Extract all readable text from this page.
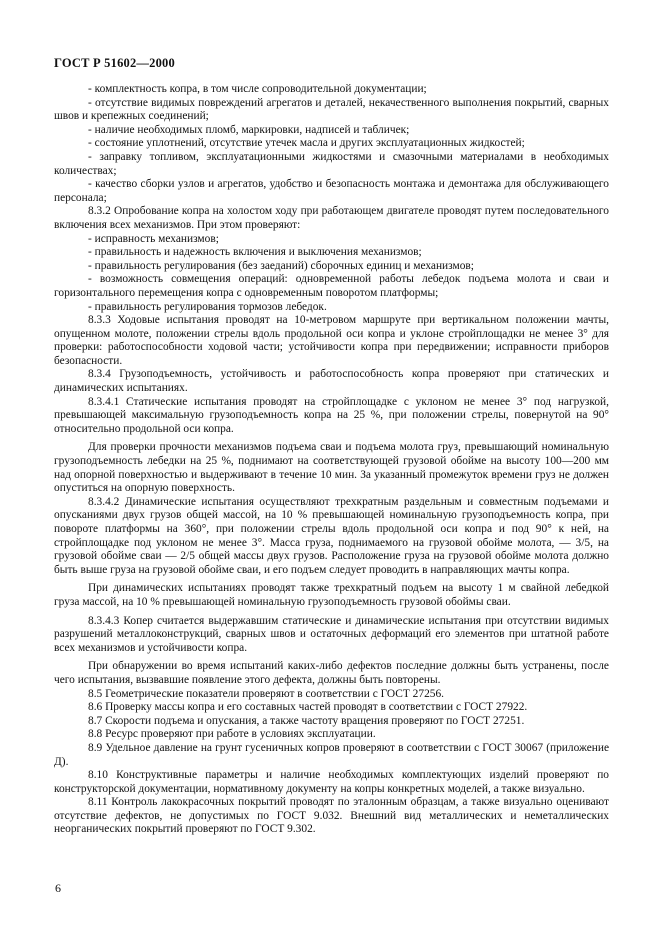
ГОСТ Р 51602—2000

- комплектность копра, в том числе сопроводительной документации;

- отсутствие видимых повреждений агрегатов и деталей, некачественного выполнения покрытий, сварных швов и крепежных соединений;

- наличие необходимых пломб, маркировки, надписей и табличек;

- состояние уплотнений, отсутствие утечек масла и других эксплуатационных жидкостей;

- заправку топливом, эксплуатационными жидкостями и смазочными материалами в необходимых количествах;

- качество сборки узлов и агрегатов, удобство и безопасность монтажа и демонтажа для обслуживающего персонала;

8.3.2 Опробование копра на холостом ходу при работающем двигателе проводят путем последовательного включения всех механизмов. При этом проверяют:

- исправность механизмов;

- правильность и надежность включения и выключения механизмов;

- правильность регулирования (без заеданий) сборочных единиц и механизмов;

- возможность совмещения операций: одновременной работы лебедок подъема молота и сваи и горизонтального перемещения копра с одновременным поворотом платформы;

- правильность регулирования тормозов лебедок.

8.3.3 Ходовые испытания проводят на 10-метровом маршруте при вертикальном положении мачты, опущенном молоте, положении стрелы вдоль продольной оси копра и уклоне стройплощадки не менее 3° для проверки: работоспособности ходовой части; устойчивости копра при передвижении; исправности приборов безопасности.

8.3.4 Грузоподъемность, устойчивость и работоспособность копра проверяют при статических и динамических испытаниях.

8.3.4.1 Статические испытания проводят на стройплощадке с уклоном не менее 3° под нагрузкой, превышающей максимальную грузоподъемность копра на 25 %, при положении стрелы, повернутой на 90° относительно продольной оси копра.

Для проверки прочности механизмов подъема сваи и подъема молота груз, превышающий номинальную грузоподъемность лебедки на 25 %, поднимают на соответствующей грузовой обойме на высоту 100—200 мм над опорной поверхностью и выдерживают в течение 10 мин. За указанный промежуток времени груз не должен опуститься на опорную поверхность.

8.3.4.2 Динамические испытания осуществляют трехкратным раздельным и совместным подъемами и опусканиями двух грузов общей массой, на 10 % превышающей номинальную грузоподъемность копра, при повороте платформы на 360°, при положении стрелы вдоль продольной оси копра и под 90° к ней, на стройплощадке под уклоном не менее 3°. Масса груза, поднимаемого на грузовой обойме молота, — 3/5, на грузовой обойме сваи — 2/5 общей массы двух грузов. Расположение груза на грузовой обойме молота должно быть выше груза на грузовой обойме сваи, и его подъем следует проводить в направляющих мачты копра.

При динамических испытаниях проводят также трехкратный подъем на высоту 1 м свайной лебедкой груза массой, на 10 % превышающей номинальную грузоподъемность грузовой обоймы сваи.

8.3.4.3 Копер считается выдержавшим статические и динамические испытания при отсутствии видимых разрушений металлоконструкций, сварных швов и остаточных деформаций его элементов при штатной работе всех механизмов и устойчивости копра.

При обнаружении во время испытаний каких-либо дефектов последние должны быть устранены, после чего испытания, вызвавшие появление этого дефекта, должны быть повторены.

8.5 Геометрические показатели проверяют в соответствии с ГОСТ 27256.

8.6 Проверку массы копра и его составных частей проводят в соответствии с ГОСТ 27922.

8.7 Скорости подъема и опускания, а также частоту вращения проверяют по ГОСТ 27251.

8.8 Ресурс проверяют при работе в условиях эксплуатации.

8.9 Удельное давление на грунт гусеничных копров проверяют в соответствии с ГОСТ 30067 (приложение Д).

8.10 Конструктивные параметры и наличие необходимых комплектующих изделий проверяют по конструкторской документации, нормативному документу на копры конкретных моделей, а также визуально.

8.11 Контроль лакокрасочных покрытий проводят по эталонным образцам, а также визуально оценивают отсутствие дефектов, не допустимых по ГОСТ 9.032. Внешний вид металлических и неметаллических неорганических покрытий проверяют по ГОСТ 9.302.

6
